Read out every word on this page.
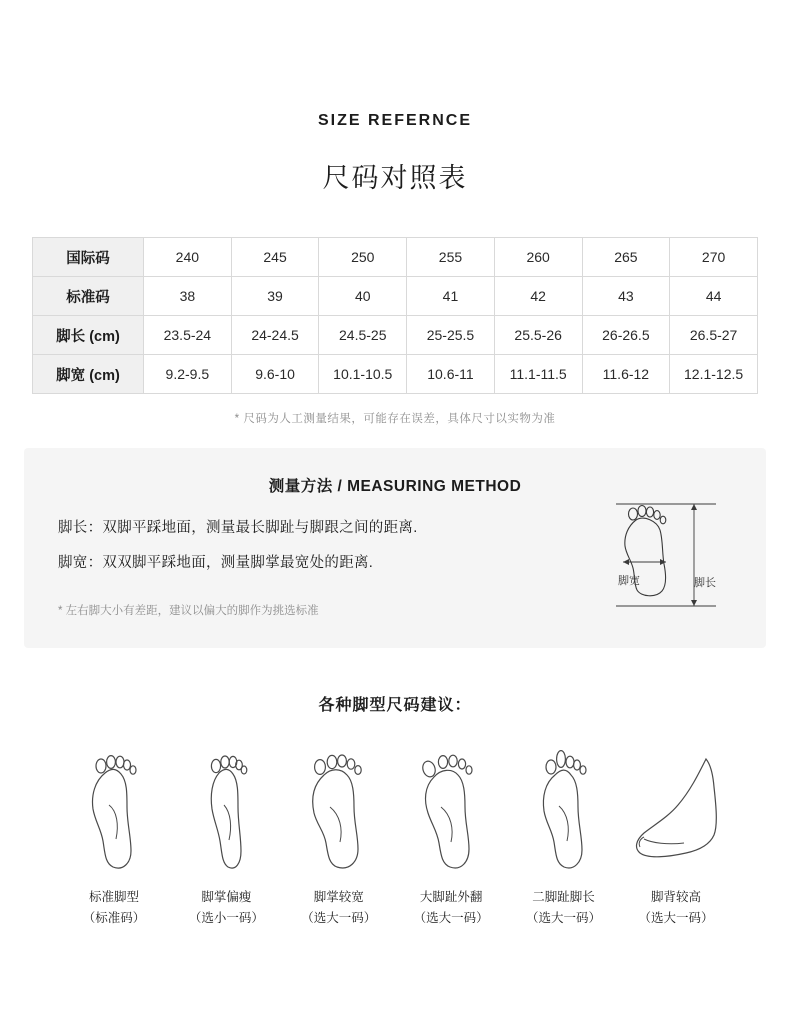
SIZE REFERNCE
尺码对照表
国际码	240	245	250	255	260	265	270
标准码	38	39	40	41	42	43	44
脚长 (cm)	23.5-24	24-24.5	24.5-25	25-25.5	25.5-26	26-26.5	26.5-27
脚宽 (cm)	9.2-9.5	9.6-10	10.1-10.5	10.6-11	11.1-11.5	11.6-12	12.1-12.5
* 尺码为人工测量结果，可能存在误差，具体尺寸以实物为准
测量方法 / MEASURING METHOD
脚长：双脚平踩地面，测量最长脚趾与脚跟之间的距离.
脚宽：双双脚平踩地面，测量脚掌最宽处的距离.
* 左右脚大小有差距，建议以偏大的脚作为挑选标准
脚宽	脚长
各种脚型尺码建议：
标准脚型
（标准码）
脚掌偏瘦
（选小一码）
脚掌较宽
（选大一码）
大脚趾外翻
（选大一码）
二脚趾脚长
（选大一码）
脚背较高
（选大一码）
